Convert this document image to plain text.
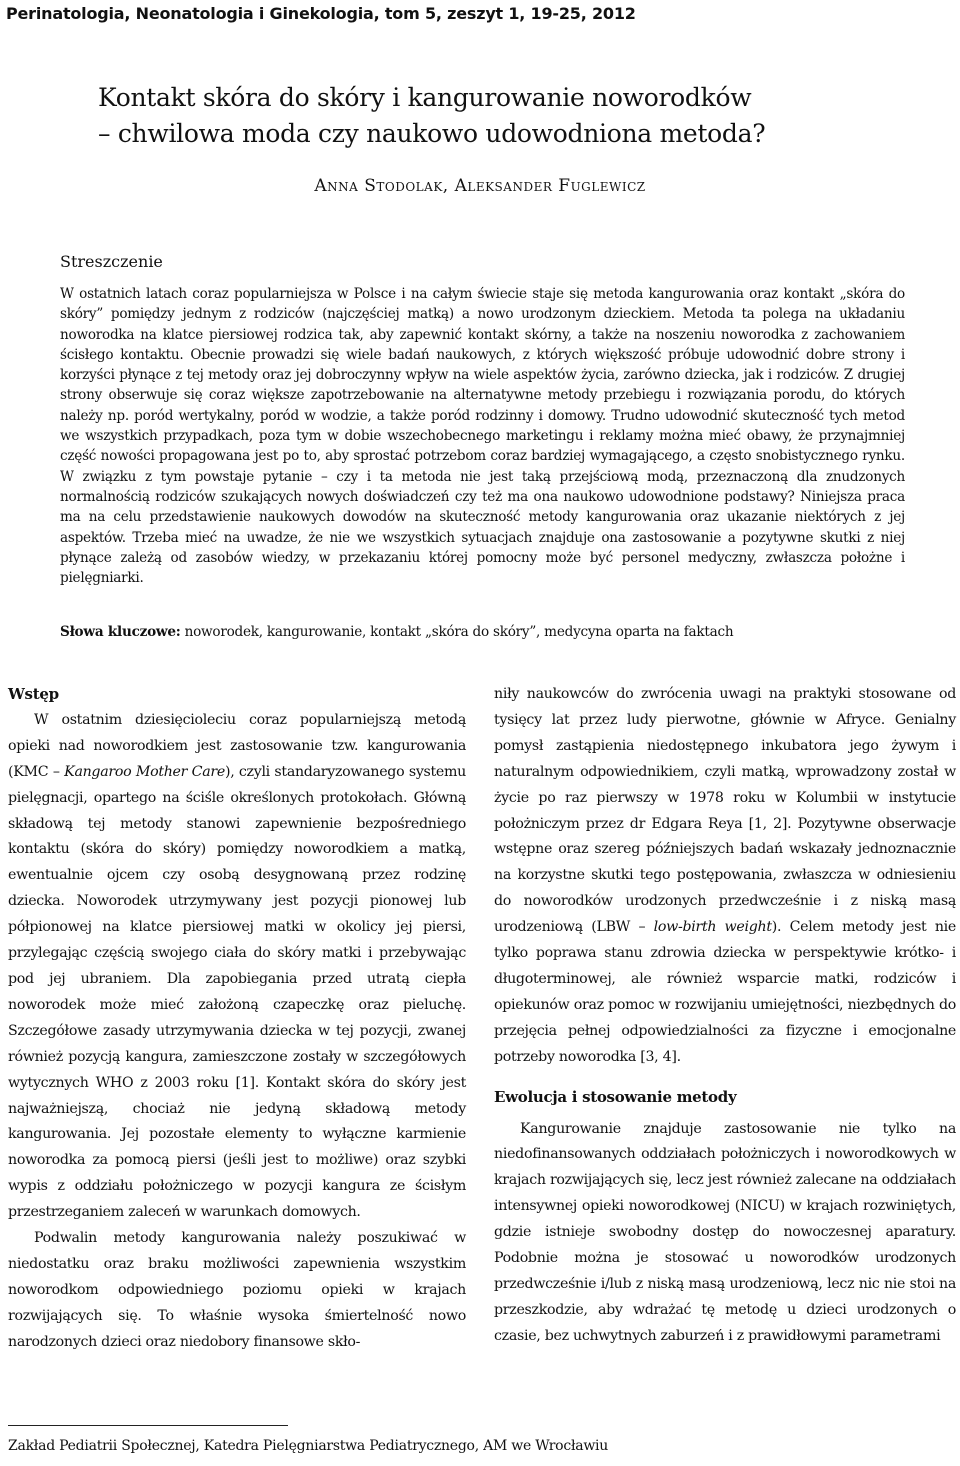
Perinatologia, Neonatologia i Ginekologia, tom 5, zeszyt 1, 19-25, 2012
Kontakt skóra do skóry i kangurowanie noworodków
– chwilowa moda czy naukowo udowodniona metoda?
Anna Stodolak, Aleksander Fuglewicz
Streszczenie
W ostatnich latach coraz popularniejsza w Polsce i na całym świecie staje się metoda kangurowania oraz kontakt „skóra do skóry” pomiędzy jednym z rodziców (najczęściej matką) a nowo urodzonym dzieckiem. Metoda ta polega na układaniu noworodka na klatce piersiowej rodzica tak, aby zapewnić kontakt skórny, a także na noszeniu noworodka z zachowaniem ścisłego kontaktu. Obecnie prowadzi się wiele badań naukowych, z których większość próbuje udowodnić dobre strony i korzyści płynące z tej metody oraz jej dobroczynny wpływ na wiele aspektów życia, zarówno dziecka, jak i rodziców. Z drugiej strony obserwuje się coraz większe zapotrzebowanie na alternatywne metody przebiegu i rozwiązania porodu, do których należy np. poród wertykalny, poród w wodzie, a także poród rodzinny i domowy. Trudno udowodnić skuteczność tych metod we wszystkich przypadkach, poza tym w dobie wszechobecnego marketingu i reklamy można mieć obawy, że przynajmniej część nowości propagowana jest po to, aby sprostać potrzebom coraz bardziej wymagającego, a często snobistycznego rynku. W związku z tym powstaje pytanie – czy i ta metoda nie jest taką przejściową modą, przeznaczoną dla znudzonych normalnością rodziców szukających nowych doświadczeń czy też ma ona naukowo udowodnione podstawy? Niniejsza praca ma na celu przedstawienie naukowych dowodów na skuteczność metody kangurowania oraz ukazanie niektórych z jej aspektów. Trzeba mieć na uwadze, że nie we wszystkich sytuacjach znajduje ona zastosowanie a pozytywne skutki z niej płynące zależą od zasobów wiedzy, w przekazaniu której pomocny może być personel medyczny, zwłaszcza położne i pielęgniarki.
Słowa kluczowe: noworodek, kangurowanie, kontakt „skóra do skóry”, medycyna oparta na faktach

Wstęp

W ostatnim dziesięcioleciu coraz popularniejszą metodą opieki nad noworodkiem jest zastosowanie tzw. kangurowania (KMC – Kangaroo Mother Care), czyli standaryzowanego systemu pielęgnacji, opartego na ściśle określonych protokołach. Główną składową tej metody stanowi zapewnienie bezpośredniego kontaktu (skóra do skóry) pomiędzy noworodkiem a matką, ewentualnie ojcem czy osobą desygnowaną przez rodzinę dziecka. Noworodek utrzymywany jest pozycji pionowej lub półpionowej na klatce piersiowej matki w okolicy jej piersi, przylegając częścią swojego ciała do skóry matki i przebywając pod jej ubraniem. Dla zapobiegania przed utratą ciepła noworodek może mieć założoną czapeczkę oraz pieluchę. Szczegółowe zasady utrzymywania dziecka w tej pozycji, zwanej również pozycją kangura, zamieszczone zostały w szczegółowych wytycznych WHO z 2003 roku [1]. Kontakt skóra do skóry jest najważniejszą, chociaż nie jedyną składową metody kangurowania. Jej pozostałe elementy to wyłączne karmienie noworodka za pomocą piersi (jeśli jest to możliwe) oraz szybki wypis z oddziału położniczego w pozycji kangura ze ścisłym przestrzeganiem zaleceń w warunkach domowych.

Podwalin metody kangurowania należy poszukiwać w niedostatku oraz braku możliwości zapewnienia wszystkim noworodkom odpowiedniego poziomu opieki w krajach rozwijających się. To właśnie wysoka śmiertelność nowo narodzonych dzieci oraz niedobory finansowe skło-

niły naukowców do zwrócenia uwagi na praktyki stosowane od tysięcy lat przez ludy pierwotne, głównie w Afryce. Genialny pomysł zastąpienia niedostępnego inkubatora jego żywym i naturalnym odpowiednikiem, czyli matką, wprowadzony został w życie po raz pierwszy w 1978 roku w Kolumbii w instytucie położniczym przez dr Edgara Reya [1, 2]. Pozytywne obserwacje wstępne oraz szereg późniejszych badań wskazały jednoznacznie na korzystne skutki tego postępowania, zwłaszcza w odniesieniu do noworodków urodzonych przedwcześnie i z niską masą urodzeniową (LBW – low-birth weight). Celem metody jest nie tylko poprawa stanu zdrowia dziecka w perspektywie krótko- i długoterminowej, ale również wsparcie matki, rodziców i opiekunów oraz pomoc w rozwijaniu umiejętności, niezbędnych do przejęcia pełnej odpowiedzialności za fizyczne i emocjonalne potrzeby noworodka [3, 4].

Ewolucja i stosowanie metody

Kangurowanie znajduje zastosowanie nie tylko na niedofinansowanych oddziałach położniczych i noworodkowych w krajach rozwijających się, lecz jest również zalecane na oddziałach intensywnej opieki noworodkowej (NICU) w krajach rozwiniętych, gdzie istnieje swobodny dostęp do nowoczesnej aparatury. Podobnie można je stosować u noworodków urodzonych przedwcześnie i/lub z niską masą urodzeniową, lecz nic nie stoi na przeszkodzie, aby wdrażać tę metodę u dzieci urodzonych o czasie, bez uchwytnych zaburzeń i z prawidłowymi parametrami

Zakład Pediatrii Społecznej, Katedra Pielęgniarstwa Pediatrycznego, AM we Wrocławiu
